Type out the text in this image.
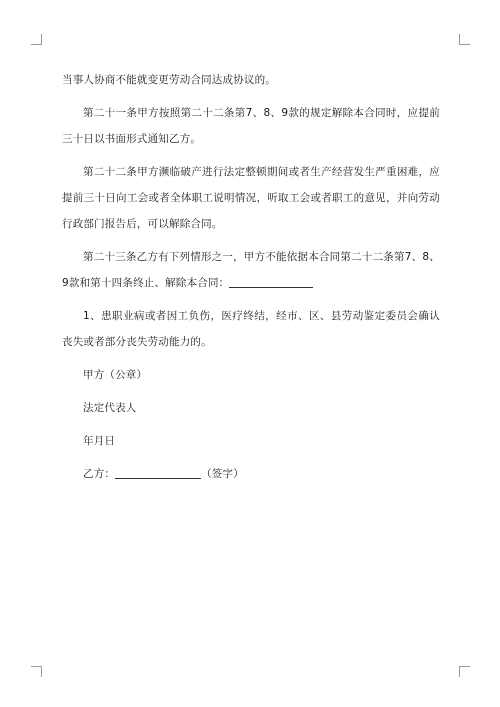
当事人协商不能就变更劳动合同达成协议的。

第二十一条甲方按照第二十二条第7、8、9款的规定解除本合同时，应提前三十日以书面形式通知乙方。

第二十二条甲方濒临破产进行法定整顿期间或者生产经营发生严重困难，应提前三十日向工会或者全体职工说明情况，听取工会或者职工的意见，并向劳动行政部门报告后，可以解除合同。

第二十三条乙方有下列情形之一，甲方不能依据本合同第二十二条第7、8、9款和第十四条终止、解除本合同：

1、患职业病或者因工负伤，医疗终结，经市、区、县劳动鉴定委员会确认丧失或者部分丧失劳动能力的。

甲方（公章）

法定代表人

年月日

乙方：	（签字）
